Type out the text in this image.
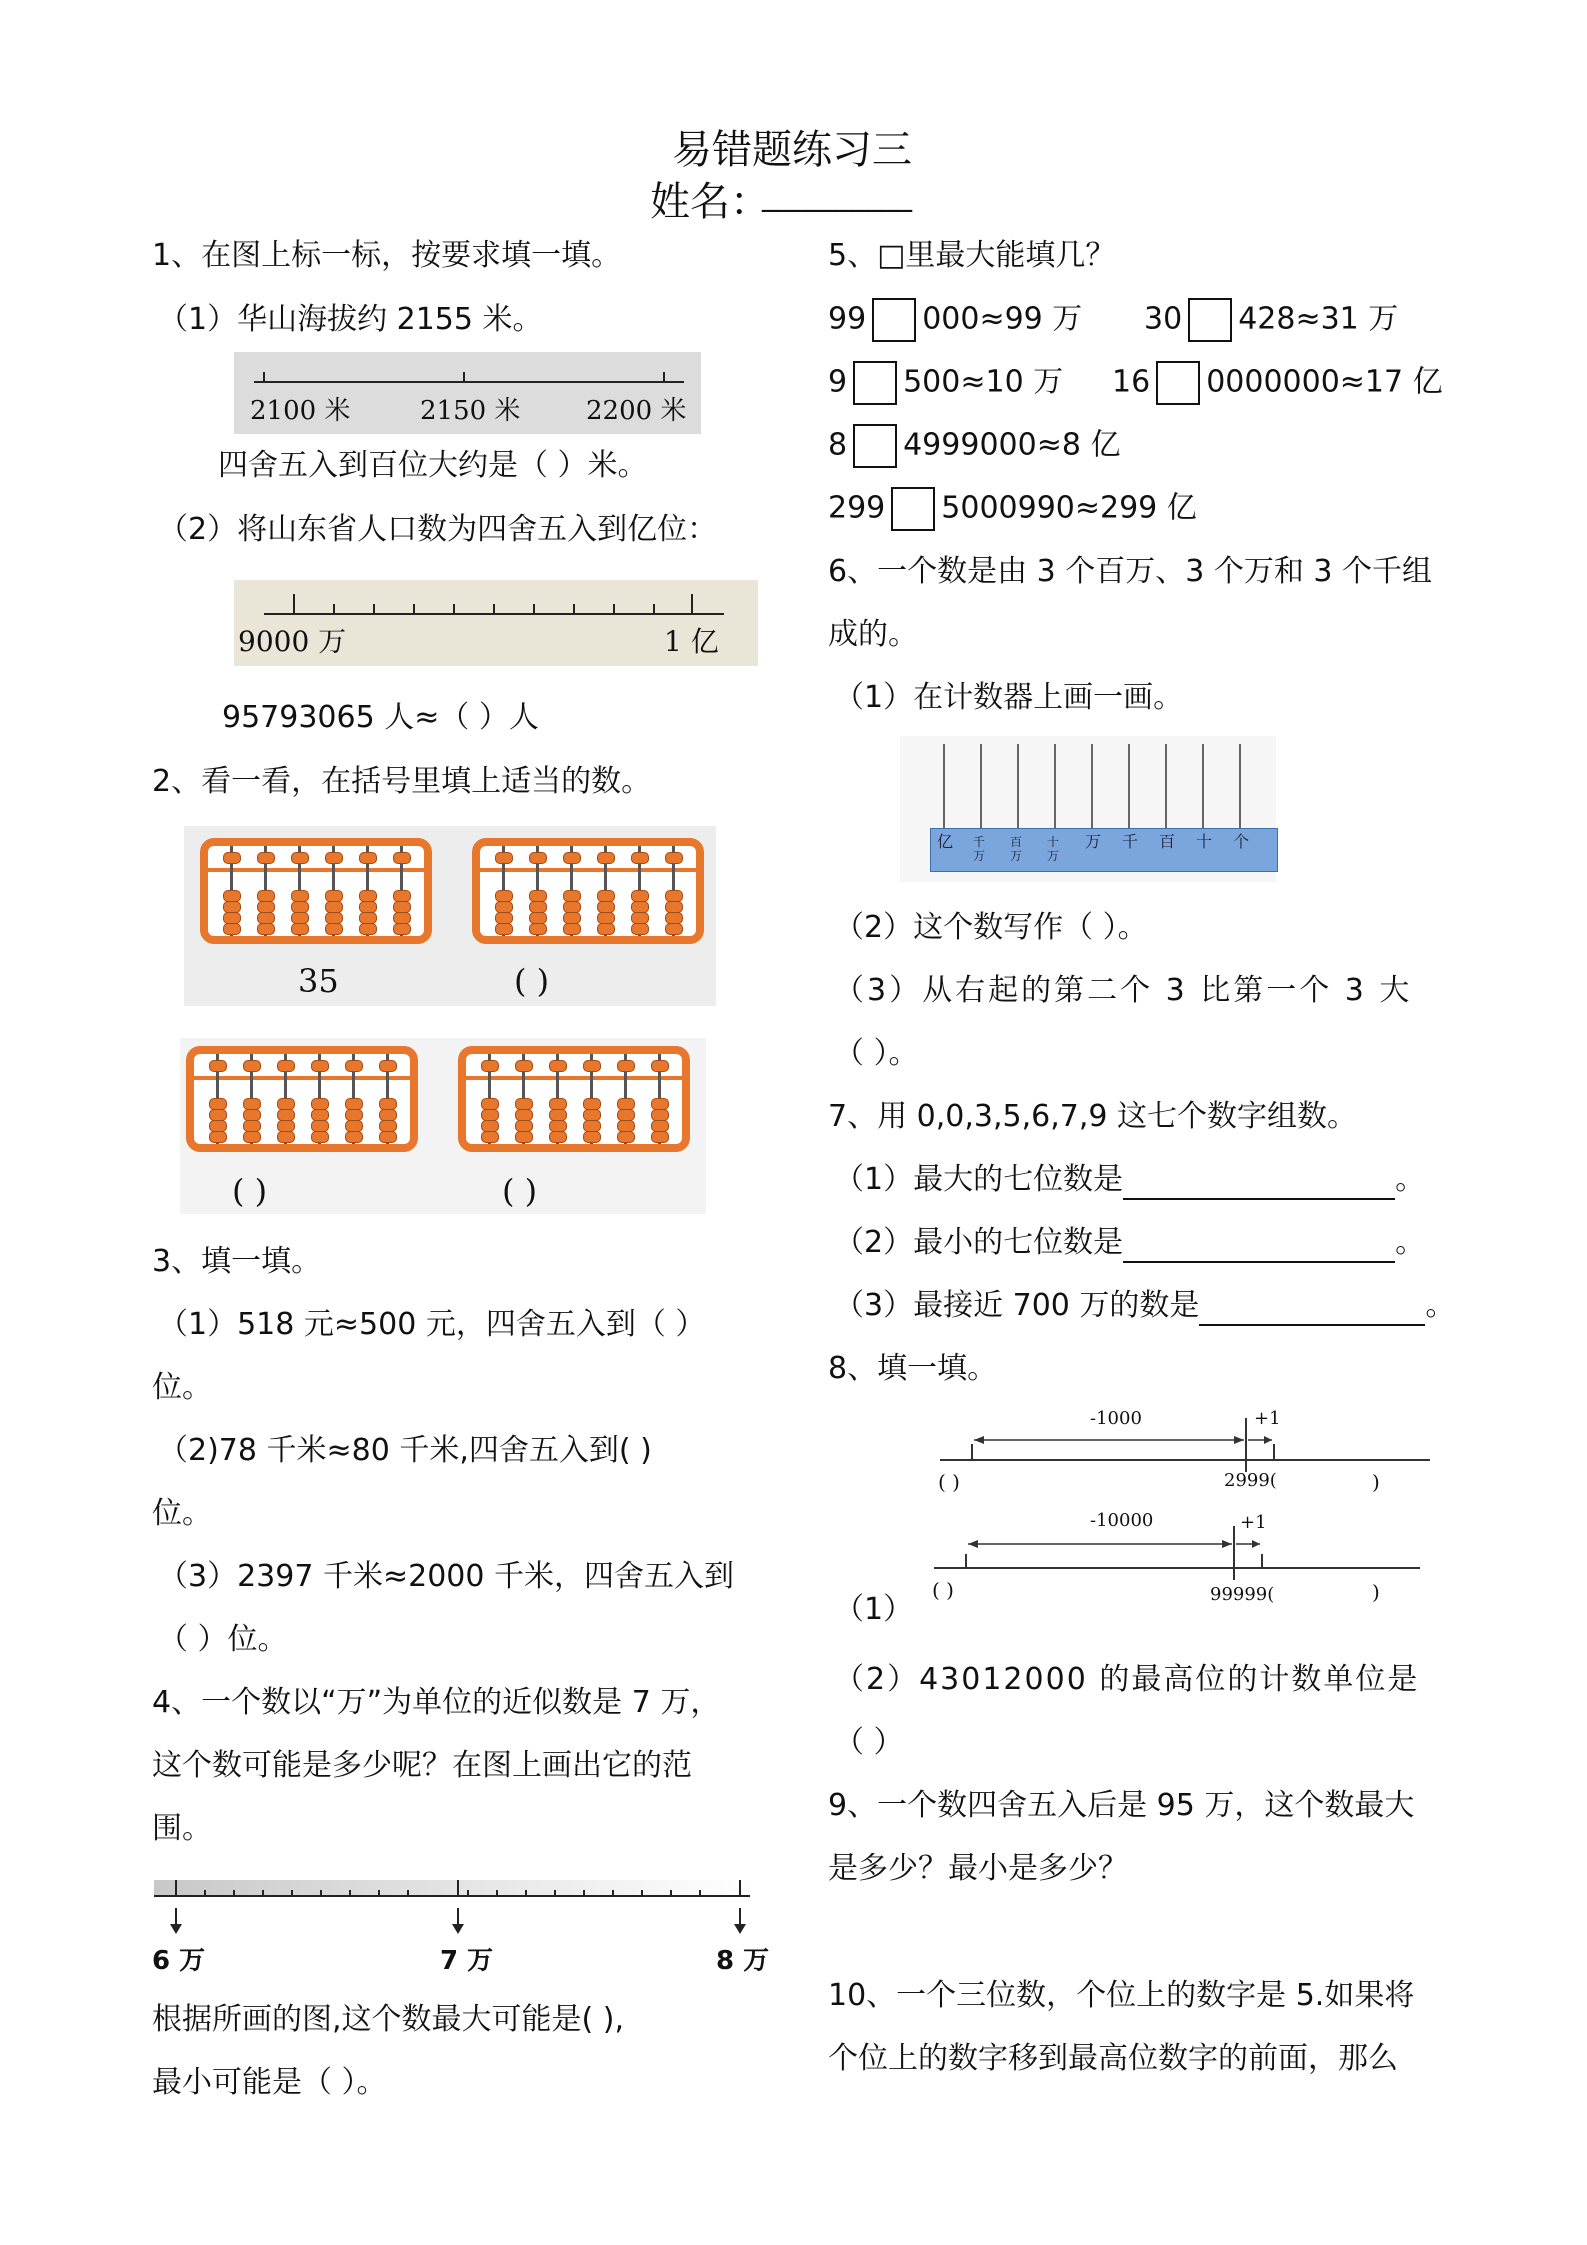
易错题练习三
姓名：
__________
1、在图上标一标，按要求填一填。
（1）华山海拔约 2155 米。
2100 米	2150 米	2200 米
四舍五入到百位大约是（ ）米。
（2）将山东省人口数为四舍五入到亿位：
9000 万	1 亿
95793065 人≈（ ）人
2、看一看，在括号里填上适当的数。
35	( )
( )	( )
3、填一填。
（1）518 元≈500 元，四舍五入到（ ）
位。
（2)78 千米≈80 千米,四舍五入到( )
位。
（3）2397 千米≈2000 千米，四舍五入到
（ ）位。
4、一个数以“万”为单位的近似数是 7 万，
这个数可能是多少呢？在图上画出它的范
围。
6 万	7 万	8 万
根据所画的图,这个数最大可能是( ),
最小可能是（ ）。
5、□里最大能填几？
99 000≈99 万 30 428≈31 万
9 500≈10 万 16 0000000≈17 亿
8 4999000≈8 亿
299 5000990≈299 亿
6、一个数是由 3 个百万、3 个万和 3 个千组
成的。
（1）在计数器上画一画。
亿 千万
百万
十万
万 千 百 十 个
（2）这个数写作（ ）。
（3）从右起的第二个 3 比第一个 3 大
（ ）。
7、用 0,0,3,5,6,7,9 这七个数字组数。
（1）最大的七位数是	。
（2）最小的七位数是	。
（3）最接近 700 万的数是	。
8、填一填。
-1000	+1
( )	2999(	)
-10000	+1
( )	99999(	)
（1）
（2）43012000 的最高位的计数单位是
（ ）
9、一个数四舍五入后是 95 万，这个数最大
是多少？最小是多少？
10、一个三位数，个位上的数字是 5.如果将
个位上的数字移到最高位数字的前面，那么
